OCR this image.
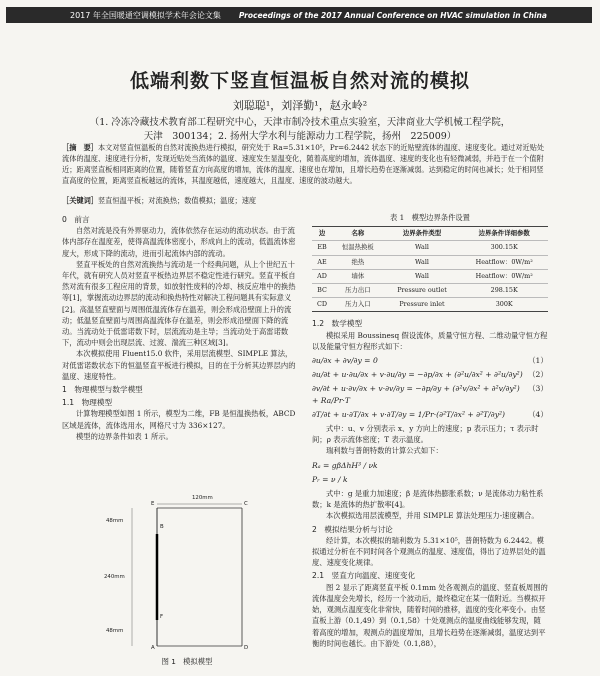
2017 年全国暖通空调模拟学术年会论文集 Proceedings of the 2017 Annual Conference on HVAC simulation in China
低端利数下竖直恒温板自然对流的模拟
刘聪聪¹，刘泽勤¹，赵永岭²
（1. 冷冻冷藏技术教育部工程研究中心，天津市制冷技术重点实验室，天津商业大学机械工程学院，
天津　300134；2. 扬州大学水利与能源动力工程学院，扬州　225009）
［摘　要］本文对竖直恒温板的自然对流换热进行模拟，研究处于 Ra=5.31×10⁵，Pr=6.2442 状态下的近贴壁流体的温度、速度变化。通过对近贴处流体的温度、速度进行分析，发现近贴处当流体的温度、速度发生显温变化，随着高度的增加，流体温度、速度的变化也有轻微减弱，并趋于在一个值附近；距离竖直板相同距离的位置，随着竖直方向高度的增加，流体的温度、速度也在增加，且增长趋势在逐渐减弱。达到稳定的时间也减长；处于相同竖直高度的位置，距离竖直板越远的流体，其温度越低，速度越大，且温度、速度的波动越大。
［关键词］竖直恒温平板；对流换热；数值模拟；温度；速度
0　前言

自然对流是没有外界驱动力，流体依然存在运动的流动状态。由于流体内部存在温度差，使得高温流体密度小，形成向上的流动，低温流体密度大，形成下降的流动，进而引起流体内部的流动。

竖直平板处的自然对流换热与流动是一个经典问题，从上个世纪五十年代，就有研究人员对竖直平板热边界层不稳定性进行研究。竖直平板自然对流有很多工程应用的背景，如放射性废料的冷却、核反应堆中的换热等[1]，掌握流动边界层的流动和换热特性对解决工程问题具有实际意义[2]。高温竖直壁面与周围低温流体存在温差，则会形成沿壁面上升的流动；低温竖直壁面与周围高温流体存在温差，则会形成沿壁面下降的流动。当流动处于低雷诺数下时，层流流动是主导；当流动处于高雷诺数下，流动中则会出现层流、过渡、湍流三种区域[3]。

本次模拟使用 Fluent15.0 软件，采用层流模型、SIMPLE 算法，对低雷诺数状态下的恒温竖直平板进行模拟，目的在于分析其边界层内的温度、速度特性。

1　物理模型与数学模型
1.1　物理模型

计算物理模型如图 1 所示，模型为二维，FB 是恒温换热板，ABCD 区域是流体，流体选用水，网格尺寸为 336×127。

模型的边界条件如表 1 所示。

B
F
A
E
D
C
120mm
48mm
240mm
48mm
图 1　模拟模型
表 1　模型边界条件设置
边	名称	边界条件类型	边界条件详细参数
EB	恒温热换板	Wall	300.15K
AE	绝热	Wall	Heatflow：0W/m²
AD	墙体	Wall	Heatflow：0W/m²
BC	压力出口	Pressure outlet	298.15K
CD	压力入口	Pressure inlet	300K
1.2　数学模型

模拟采用 Boussinesq 假设流体，质量守恒方程、二维动量守恒方程以及能量守恒方程形式如下：

∂u/∂x + ∂v/∂y = 0	（1）
∂u/∂t + u·∂u/∂x + v·∂u/∂y = −∂p/∂x + (∂²u/∂x² + ∂²u/∂y²) （2）
∂v/∂t + u·∂v/∂x + v·∂v/∂y = −∂p/∂y + (∂²v/∂x² + ∂²v/∂y²) + Ra/Pr·T
（3）
∂T/∂t + u·∂T/∂x + v·∂T/∂y = 1/Pr·(∂²T/∂x² + ∂²T/∂y²)	（4）

式中：u、v 分别表示 x、y 方向上的速度；p 表示压力；τ 表示时间；ρ 表示流体密度；T 表示温度。

瑞利数与普朗特数的计算公式如下：

Rₐ = gβΔhH³ / νk
Pᵣ = ν / k

式中：g 是重力加速度；β 是流体热膨胀系数；ν 是流体动力粘性系数；k 是流体的热扩散率[4]。

本次模拟选用层流模型，并用 SIMPLE 算法处理压力-速度耦合。

2　模拟结果分析与讨论

经计算，本次模拟的瑞利数为 5.31×10⁵，普朗特数为 6.2442。模拟通过分析在不同时间各个观测点的温度、速度值，得出了边界层处的温度、速度变化规律。

2.1　竖直方向温度、速度变化

图 2 显示了距离竖直平板 0.1mm 处各观测点的温度、竖直板周围的流体温度会先增长，经历一个波动后，最终稳定在某一值附近。当模拟开始，观测点温度变化非常快，随着时间的推移，温度的变化率变小。由竖直板上游（0.1,49）到（0.1,58）十处观测点的温度曲线能够发现，随着高度的增加，观测点的温度增加，且增长趋势在逐渐减弱，温度达到平衡的时间也越长。由下游处（0.1,88），
